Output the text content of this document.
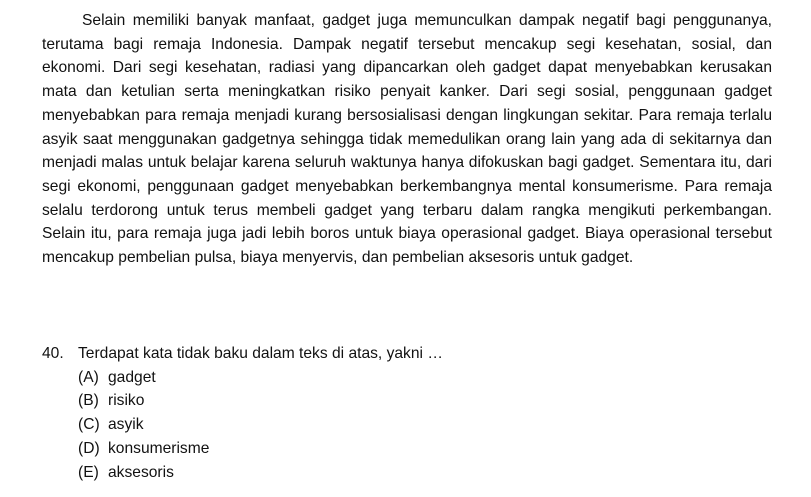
Selain memiliki banyak manfaat, gadget juga memunculkan dampak negatif bagi penggunanya, terutama bagi remaja Indonesia. Dampak negatif tersebut mencakup segi kesehatan, sosial, dan ekonomi. Dari segi kesehatan, radiasi yang dipancarkan oleh gadget dapat menyebabkan kerusakan mata dan ketulian serta meningkatkan risiko penyait kanker. Dari segi sosial, penggunaan gadget menyebabkan para remaja menjadi kurang bersosialisasi dengan lingkungan sekitar. Para remaja terlalu asyik saat menggunakan gadgetnya sehingga tidak memedulikan orang lain yang ada di sekitarnya dan menjadi malas untuk belajar karena seluruh waktunya hanya difokuskan bagi gadget. Sementara itu, dari segi ekonomi, penggunaan gadget menyebabkan berkembangnya mental konsumerisme. Para remaja selalu terdorong untuk terus membeli gadget yang terbaru dalam rangka mengikuti perkembangan. Selain itu, para remaja juga jadi lebih boros untuk biaya operasional gadget. Biaya operasional tersebut mencakup pembelian pulsa, biaya menyervis, dan pembelian aksesoris untuk gadget.

40. Terdapat kata tidak baku dalam teks di atas, yakni …
(A) gadget
(B) risiko
(C) asyik
(D) konsumerisme
(E) aksesoris
